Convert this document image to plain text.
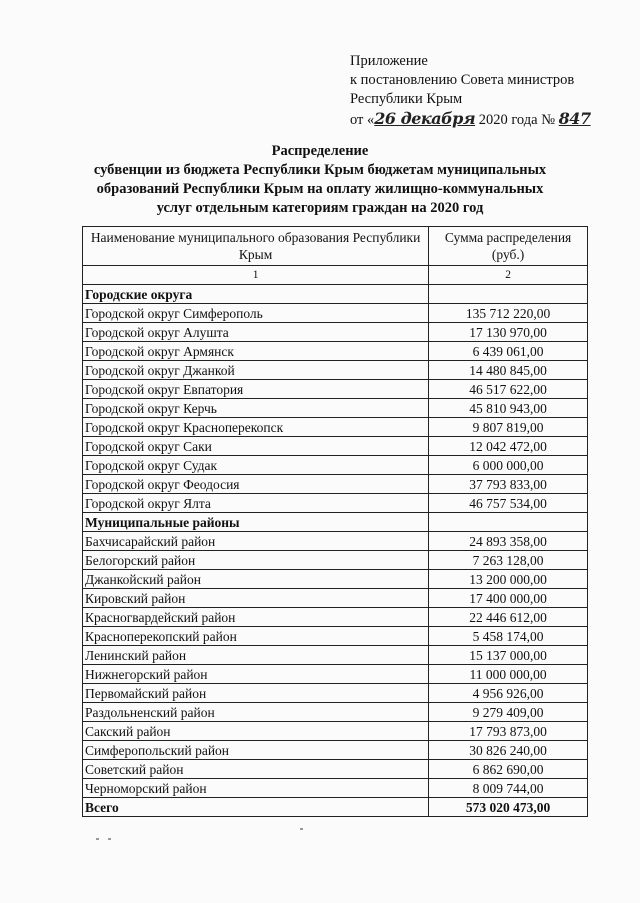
Приложение
к постановлению Совета министров
Республики Крым
от «26 декабря 2020 года № 847
Распределение
субвенции из бюджета Республики Крым бюджетам муниципальных
образований Республики Крым на оплату жилищно-коммунальных
услуг отдельным категориям граждан на 2020 год
Наименование муниципального образования Республики Крым	Сумма распределения (руб.)
1	2
Городские округа	
Городской округ Симферополь	135 712 220,00
Городской округ Алушта	17 130 970,00
Городской округ Армянск	6 439 061,00
Городской округ Джанкой	14 480 845,00
Городской округ Евпатория	46 517 622,00
Городской округ Керчь	45 810 943,00
Городской округ Красноперекопск	9 807 819,00
Городской округ Саки	12 042 472,00
Городской округ Судак	6 000 000,00
Городской округ Феодосия	37 793 833,00
Городской округ Ялта	46 757 534,00
Муниципальные районы	
Бахчисарайский район	24 893 358,00
Белогорский район	7 263 128,00
Джанкойский район	13 200 000,00
Кировский район	17 400 000,00
Красногвардейский район	22 446 612,00
Красноперекопский район	5 458 174,00
Ленинский район	15 137 000,00
Нижнегорский район	11 000 000,00
Первомайский район	4 956 926,00
Раздольненский район	9 279 409,00
Сакский район	17 793 873,00
Симферопольский район	30 826 240,00
Советский район	6 862 690,00
Черноморский район	8 009 744,00
Всего	573 020 473,00
